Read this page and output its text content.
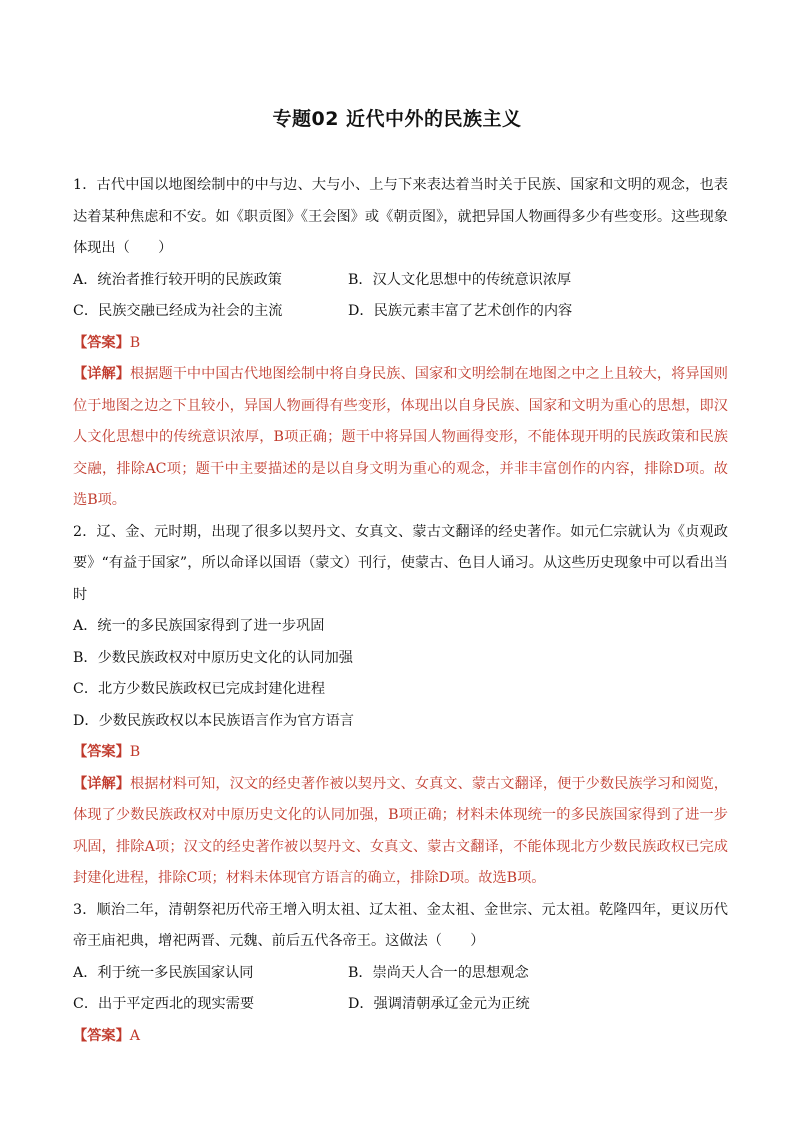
专题02 近代中外的民族主义

1．古代中国以地图绘制中的中与边、大与小、上与下来表达着当时关于民族、国家和文明的观念，也表达着某种焦虑和不安。如《职贡图》《王会图》或《朝贡图》，就把异国人物画得多少有些变形。这些现象体现出（　　）

A．统治者推行较开明的民族政策	B．汉人文化思想中的传统意识浓厚
C．民族交融已经成为社会的主流	D．民族元素丰富了艺术创作的内容

【答案】B

【详解】根据题干中中国古代地图绘制中将自身民族、国家和文明绘制在地图之中之上且较大，将异国则位于地图之边之下且较小，异国人物画得有些变形，体现出以自身民族、国家和文明为重心的思想，即汉人文化思想中的传统意识浓厚，B项正确；题干中将异国人物画得变形，不能体现开明的民族政策和民族交融，排除AC项；题干中主要描述的是以自身文明为重心的观念，并非丰富创作的内容，排除D项。故选B项。

2．辽、金、元时期，出现了很多以契丹文、女真文、蒙古文翻译的经史著作。如元仁宗就认为《贞观政要》“有益于国家”，所以命译以国语（蒙文）刊行，使蒙古、色目人诵习。从这些历史现象中可以看出当时

A．统一的多民族国家得到了进一步巩固

B．少数民族政权对中原历史文化的认同加强

C．北方少数民族政权已完成封建化进程

D．少数民族政权以本民族语言作为官方语言

【答案】B

【详解】根据材料可知，汉文的经史著作被以契丹文、女真文、蒙古文翻译，便于少数民族学习和阅览，体现了少数民族政权对中原历史文化的认同加强，B项正确；材料未体现统一的多民族国家得到了进一步巩固，排除A项；汉文的经史著作被以契丹文、女真文、蒙古文翻译，不能体现北方少数民族政权已完成封建化进程，排除C项；材料未体现官方语言的确立，排除D项。故选B项。

3．顺治二年，清朝祭祀历代帝王增入明太祖、辽太祖、金太祖、金世宗、元太祖。乾隆四年，更议历代帝王庙祀典，增祀两晋、元魏、前后五代各帝王。这做法（　　）

A．利于统一多民族国家认同	B．崇尚天人合一的思想观念
C．出于平定西北的现实需要	D．强调清朝承辽金元为正统

【答案】A
